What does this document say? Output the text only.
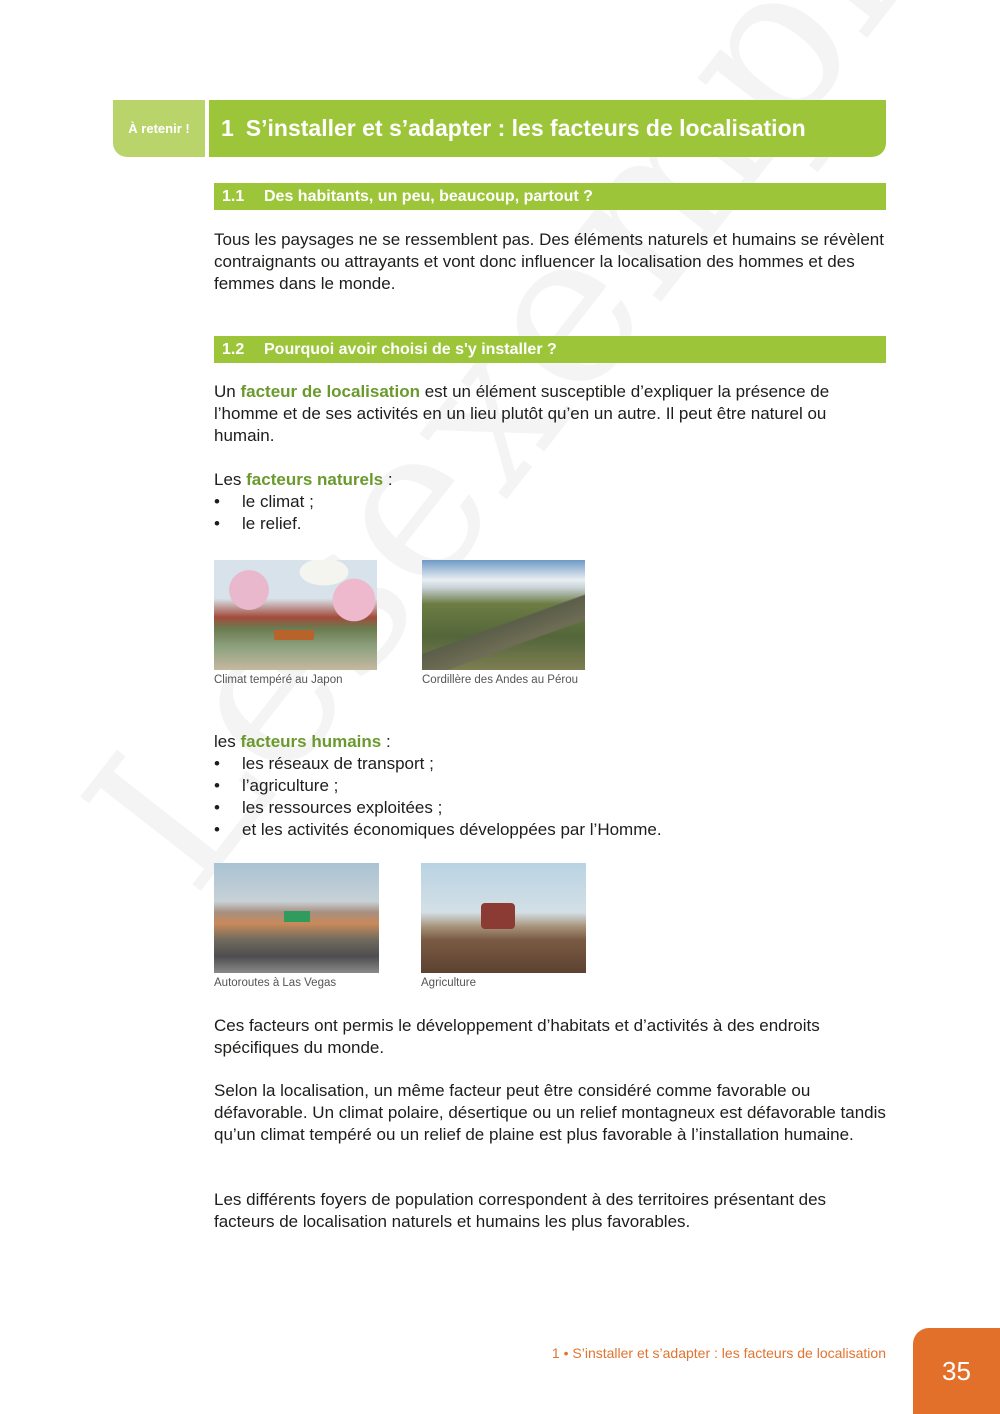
À retenir !	1 S’installer et s’adapter : les facteurs de localisation
1.1	Des habitants, un peu, beaucoup, partout ?
Tous les paysages ne se ressemblent pas. Des éléments naturels et humains se révèlent contraignants ou attrayants et vont donc influencer la localisation des hommes et des femmes dans le monde.
1.2	Pourquoi avoir choisi de s'y installer ?
Un facteur de localisation est un élément susceptible d’expliquer la présence de l’homme et de ses activités en un lieu plutôt qu’en un autre. Il peut être naturel ou humain.
Les facteurs naturels :
• le climat ;
• le relief.
Climat tempéré au Japon	Cordillère des Andes au Pérou
les facteurs humains :
• les réseaux de transport ;
• l’agriculture ;
• les ressources exploitées ;
• et les activités économiques développées par l’Homme.
Autoroutes à Las Vegas	Agriculture
Ces facteurs ont permis le développement d’habitats et d’activités à des endroits spécifiques du monde.
Selon la localisation, un même facteur peut être considéré comme favorable ou défavorable. Un climat polaire, désertique ou un relief montagneux est défavorable tandis qu’un climat tempéré ou un relief de plaine est plus favorable à l’installation humaine.
Les différents foyers de population correspondent à des territoires présentant des facteurs de localisation naturels et humains les plus favorables.
1 • S’installer et s’adapter : les facteurs de localisation
35
